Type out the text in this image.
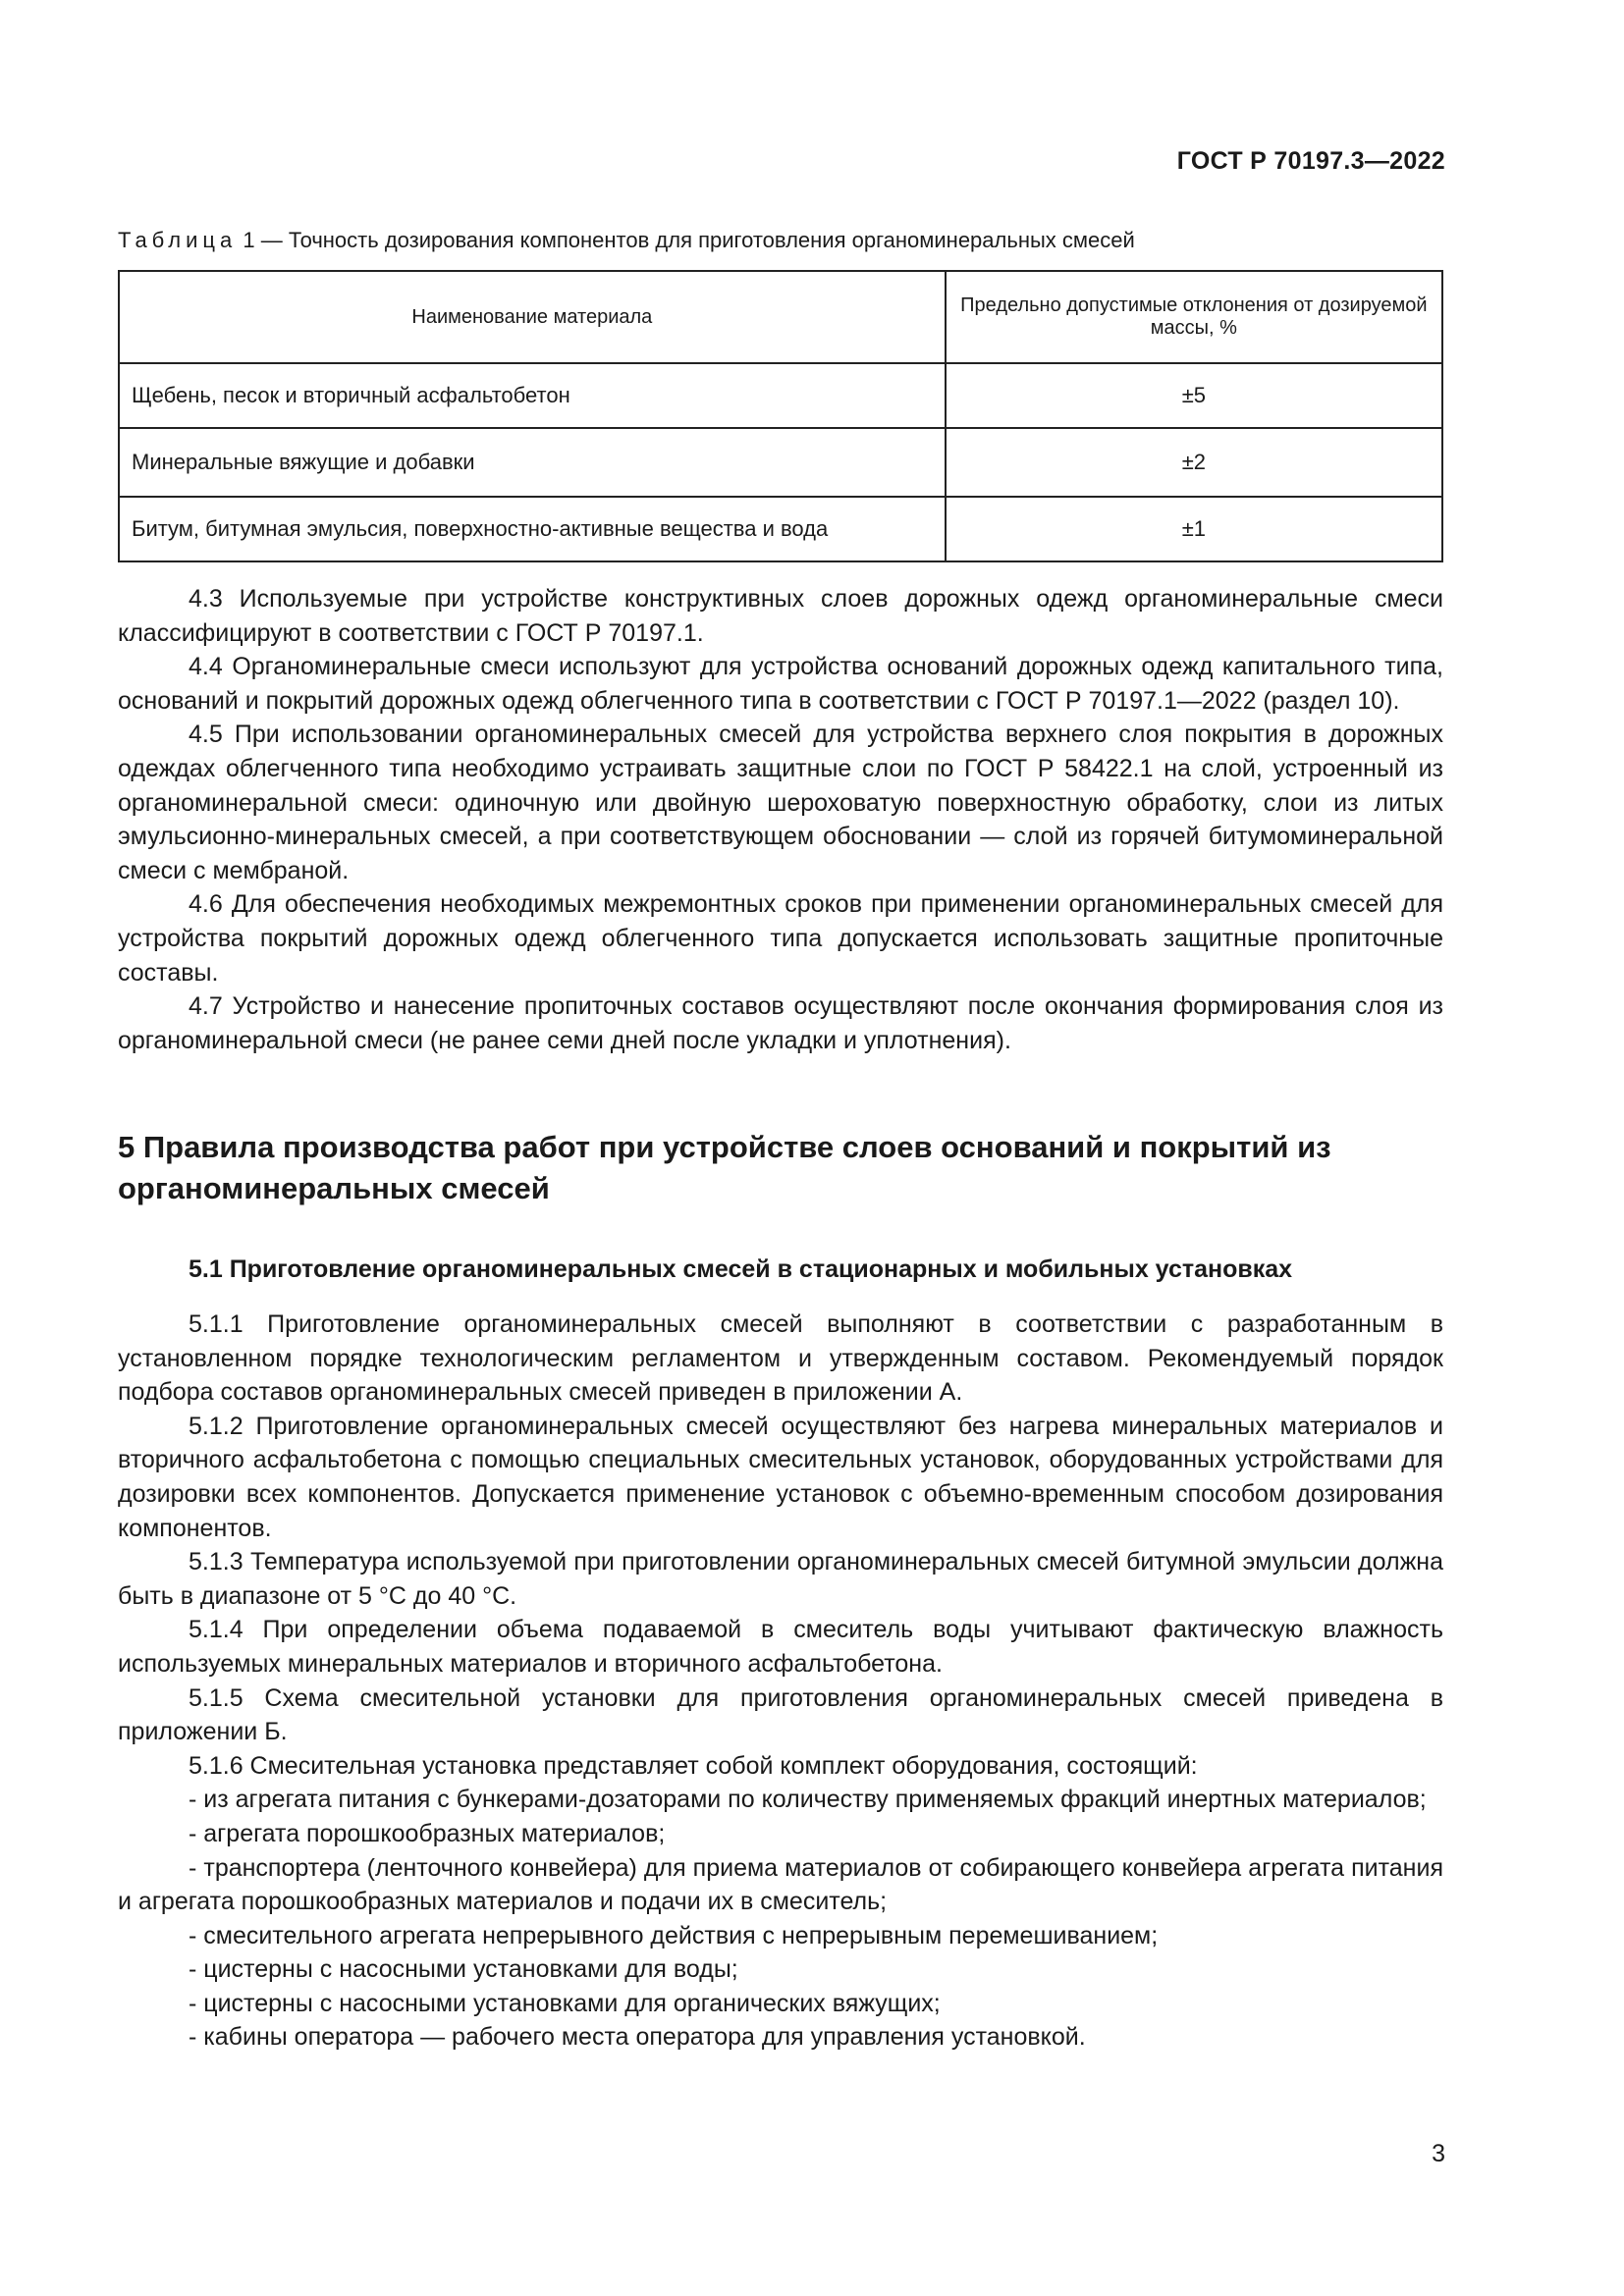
ГОСТ Р 70197.3—2022
Таблица 1 — Точность дозирования компонентов для приготовления органоминеральных смесей
Наименование материала	Предельно допустимые отклонения от дозируемой массы, %
Щебень, песок и вторичный асфальтобетон	±5
Минеральные вяжущие и добавки	±2
Битум, битумная эмульсия, поверхностно-активные вещества и вода	±1

4.3 Используемые при устройстве конструктивных слоев дорожных одежд органоминеральные смеси классифицируют в соответствии с ГОСТ Р 70197.1.

4.4 Органоминеральные смеси используют для устройства оснований дорожных одежд капитального типа, оснований и покрытий дорожных одежд облегченного типа в соответствии с ГОСТ Р 70197.1—2022 (раздел 10).

4.5 При использовании органоминеральных смесей для устройства верхнего слоя покрытия в дорожных одеждах облегченного типа необходимо устраивать защитные слои по ГОСТ Р 58422.1 на слой, устроенный из органоминеральной смеси: одиночную или двойную шероховатую поверхностную обработку, слои из литых эмульсионно-минеральных смесей, а при соответствующем обосновании — слой из горячей битумоминеральной смеси с мембраной.

4.6 Для обеспечения необходимых межремонтных сроков при применении органоминеральных смесей для устройства покрытий дорожных одежд облегченного типа допускается использовать защитные пропиточные составы.

4.7 Устройство и нанесение пропиточных составов осуществляют после окончания формирования слоя из органоминеральной смеси (не ранее семи дней после укладки и уплотнения).

5 Правила производства работ при устройстве слоев оснований и покрытий из органоминеральных смесей
5.1 Приготовление органоминеральных смесей в стационарных и мобильных установках

5.1.1 Приготовление органоминеральных смесей выполняют в соответствии с разработанным в установленном порядке технологическим регламентом и утвержденным составом. Рекомендуемый порядок подбора составов органоминеральных смесей приведен в приложении А.

5.1.2 Приготовление органоминеральных смесей осуществляют без нагрева минеральных материалов и вторичного асфальтобетона с помощью специальных смесительных установок, оборудованных устройствами для дозировки всех компонентов. Допускается применение установок с объемно-временным способом дозирования компонентов.

5.1.3 Температура используемой при приготовлении органоминеральных смесей битумной эмульсии должна быть в диапазоне от 5 °С до 40 °С.

5.1.4 При определении объема подаваемой в смеситель воды учитывают фактическую влажность используемых минеральных материалов и вторичного асфальтобетона.

5.1.5 Схема смесительной установки для приготовления органоминеральных смесей приведена в приложении Б.

5.1.6 Смесительная установка представляет собой комплект оборудования, состоящий:

- из агрегата питания с бункерами-дозаторами по количеству применяемых фракций инертных материалов;

- агрегата порошкообразных материалов;

- транспортера (ленточного конвейера) для приема материалов от собирающего конвейера агрегата питания и агрегата порошкообразных материалов и подачи их в смеситель;

- смесительного агрегата непрерывного действия с непрерывным перемешиванием;

- цистерны с насосными установками для воды;

- цистерны с насосными установками для органических вяжущих;

- кабины оператора — рабочего места оператора для управления установкой.

3
